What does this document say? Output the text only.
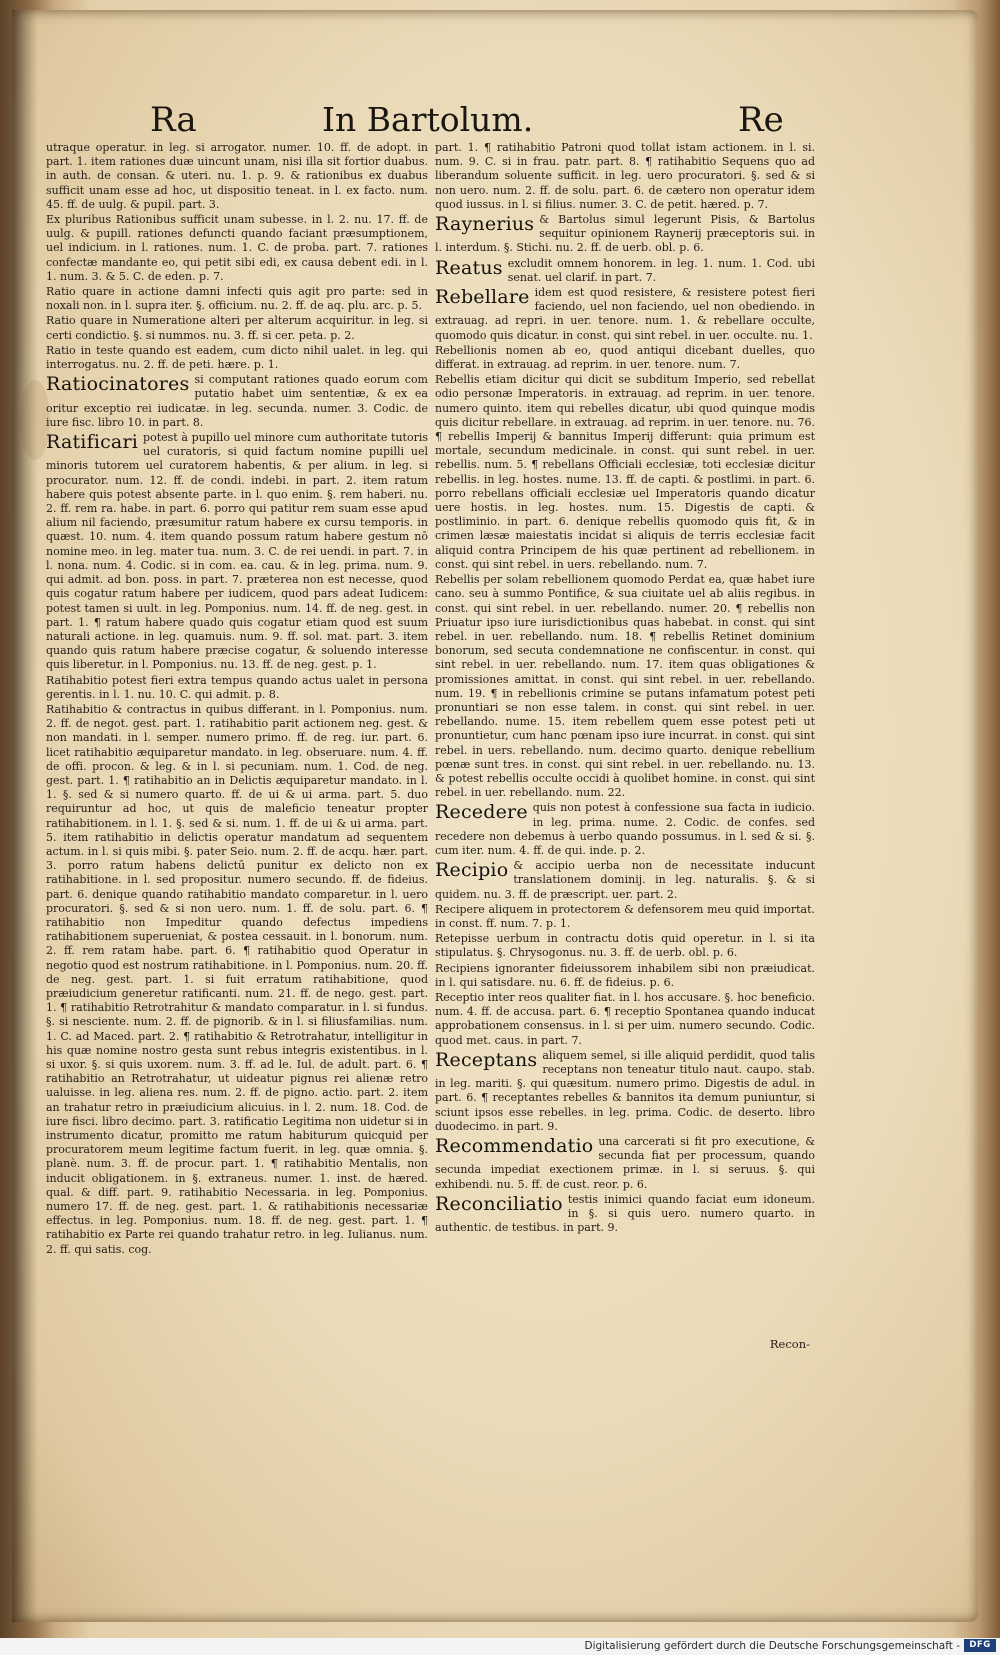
Ra	In Bartolum.	Re
utraque operatur. in leg. si arrogator. numer. 10. ff. de adopt. in part. 1. item rationes duæ uincunt unam, nisi illa sit fortior duabus. in auth. de consan. & uteri. nu. 1. p. 9. & rationibus ex duabus sufficit unam esse ad hoc, ut dispositio teneat. in l. ex facto. num. 45. ff. de uulg. & pupil. part. 3.
Ex pluribus Rationibus sufficit unam subesse. in l. 2. nu. 17. ff. de uulg. & pupill. rationes defuncti quando faciant præsumptionem, uel indicium. in l. rationes. num. 1. C. de proba. part. 7. rationes confectæ mandante eo, qui petit sibi edi, ex causa debent edi. in l. 1. num. 3. & 5. C. de eden. p. 7.
Ratio quare in actione damni infecti quis agit pro parte: sed in noxali non. in l. supra iter. §. officium. nu. 2. ff. de aq. plu. arc. p. 5.
Ratio quare in Numeratione alteri per alterum acquiritur. in leg. si certi condictio. §. si nummos. nu. 3. ff. si cer. peta. p. 2.
Ratio in teste quando est eadem, cum dicto nihil ualet. in leg. qui interrogatus. nu. 2. ff. de peti. hære. p. 1.
Ratiocinatores si computant rationes quado eorum com putatio habet uim sententiæ, & ex ea oritur exceptio rei iudicatæ. in leg. secunda. numer. 3. Codic. de iure fisc. libro 10. in part. 8.
Ratificari potest à pupillo uel minore cum authoritate tutoris uel curatoris, si quid factum nomine pupilli uel minoris tutorem uel curatorem habentis, & per alium. in leg. si procurator. num. 12. ff. de condi. indebi. in part. 2. item ratum habere quis potest absente parte. in l. quo enim. §. rem haberi. nu. 2. ff. rem ra. habe. in part. 6. porro qui patitur rem suam esse apud alium nil faciendo, præsumitur ratum habere ex cursu temporis. in quæst. 10. num. 4. item quando possum ratum habere gestum nō nomine meo. in leg. mater tua. num. 3. C. de rei uendi. in part. 7. in l. nona. num. 4. Codic. si in com. ea. cau. & in leg. prima. num. 9. qui admit. ad bon. poss. in part. 7. præterea non est necesse, quod quis cogatur ratum habere per iudicem, quod pars adeat Iudicem: potest tamen si uult. in leg. Pomponius. num. 14. ff. de neg. gest. in part. 1. ¶ ratum habere quado quis cogatur etiam quod est suum naturali actione. in leg. quamuis. num. 9. ff. sol. mat. part. 3. item quando quis ratum habere præcise cogatur, & soluendo interesse quis liberetur. in l. Pomponius. nu. 13. ff. de neg. gest. p. 1.
Ratihabitio potest fieri extra tempus quando actus ualet in persona gerentis. in l. 1. nu. 10. C. qui admit. p. 8.
Ratihabitio & contractus in quibus differant. in l. Pomponius. num. 2. ff. de negot. gest. part. 1. ratihabitio parit actionem neg. gest. & non mandati. in l. semper. numero primo. ff. de reg. iur. part. 6. licet ratihabitio æquiparetur mandato. in leg. obseruare. num. 4. ff. de offi. procon. & leg. & in l. si pecuniam. num. 1. Cod. de neg. gest. part. 1. ¶ ratihabitio an in Delictis æquiparetur mandato. in l. 1. §. sed & si numero quarto. ff. de ui & ui arma. part. 5. duo requiruntur ad hoc, ut quis de maleficio teneatur propter ratihabitionem. in l. 1. §. sed & si. num. 1. ff. de ui & ui arma. part. 5. item ratihabitio in delictis operatur mandatum ad sequentem actum. in l. si quis mibi. §. pater Seio. num. 2. ff. de acqu. hær. part. 3. porro ratum habens delictū punitur ex delicto non ex ratihabitione. in l. sed propositur. numero secundo. ff. de fideius. part. 6. denique quando ratihabitio mandato comparetur. in l. uero procuratori. §. sed & si non uero. num. 1. ff. de solu. part. 6. ¶ ratihabitio non Impeditur quando defectus impediens ratihabitionem superueniat, & postea cessauit. in l. bonorum. num. 2. ff. rem ratam habe. part. 6. ¶ ratihabitio quod Operatur in negotio quod est nostrum ratihabitione. in l. Pomponius. num. 20. ff. de neg. gest. part. 1. si fuit erratum ratihabitione, quod præiudicium generetur ratificanti. num. 21. ff. de nego. gest. part. 1. ¶ ratihabitio Retrotrahitur & mandato comparatur. in l. si fundus. §. si nesciente. num. 2. ff. de pignorib. & in l. si filiusfamilias. num. 1. C. ad Maced. part. 2. ¶ ratihabitio & Retrotrahatur, intelligitur in his quæ nomine nostro gesta sunt rebus integris existentibus. in l. si uxor. §. si quis uxorem. num. 3. ff. ad le. Iul. de adult. part. 6. ¶ ratihabitio an Retrotrahatur, ut uideatur pignus rei alienæ retro ualuisse. in leg. aliena res. num. 2. ff. de pigno. actio. part. 2. item an trahatur retro in præiudicium alicuius. in l. 2. num. 18. Cod. de iure fisci. libro decimo. part. 3. ratificatio Legitima non uidetur si in instrumento dicatur, promitto me ratum habiturum quicquid per procuratorem meum legitime factum fuerit. in leg. quæ omnia. §. planè. num. 3. ff. de procur. part. 1. ¶ ratihabitio Mentalis, non inducit obligationem. in §. extraneus. numer. 1. inst. de hæred. qual. & diff. part. 9. ratihabitio Necessaria. in leg. Pomponius. numero 17. ff. de neg. gest. part. 1. & ratihabitionis necessariæ effectus. in leg. Pomponius. num. 18. ff. de neg. gest. part. 1. ¶ ratihabitio ex Parte rei quando trahatur retro. in leg. Iulianus. num. 2. ff. qui satis. cog.
part. 1. ¶ ratihabitio Patroni quod tollat istam actionem. in l. si. num. 9. C. si in frau. patr. part. 8. ¶ ratihabitio Sequens quo ad liberandum soluente sufficit. in leg. uero procuratori. §. sed & si non uero. num. 2. ff. de solu. part. 6. de cætero non operatur idem quod iussus. in l. si filius. numer. 3. C. de petit. hæred. p. 7.
Raynerius & Bartolus simul legerunt Pisis, & Bartolus sequitur opinionem Raynerij præceptoris sui. in l. interdum. §. Stichi. nu. 2. ff. de uerb. obl. p. 6.
Reatus excludit omnem honorem. in leg. 1. num. 1. Cod. ubi senat. uel clarif. in part. 7.
Rebellare idem est quod resistere, & resistere potest fieri faciendo, uel non faciendo, uel non obediendo. in extrauag. ad repri. in uer. tenore. num. 1. & rebellare occulte, quomodo quis dicatur. in const. qui sint rebel. in uer. occulte. nu. 1.
Rebellionis nomen ab eo, quod antiqui dicebant duelles, quo differat. in extrauag. ad reprim. in uer. tenore. num. 7.
Rebellis etiam dicitur qui dicit se subditum Imperio, sed rebellat odio personæ Imperatoris. in extrauag. ad reprim. in uer. tenore. numero quinto. item qui rebelles dicatur, ubi quod quinque modis quis dicitur rebellare. in extrauag. ad reprim. in uer. tenore. nu. 76. ¶ rebellis Imperij & bannitus Imperij differunt: quia primum est mortale, secundum medicinale. in const. qui sunt rebel. in uer. rebellis. num. 5. ¶ rebellans Officiali ecclesiæ, toti ecclesiæ dicitur rebellis. in leg. hostes. nume. 13. ff. de capti. & postlimi. in part. 6. porro rebellans officiali ecclesiæ uel Imperatoris quando dicatur uere hostis. in leg. hostes. num. 15. Digestis de capti. & postliminio. in part. 6. denique rebellis quomodo quis fit, & in crimen læsæ maiestatis incidat si aliquis de terris ecclesiæ facit aliquid contra Principem de his quæ pertinent ad rebellionem. in const. qui sint rebel. in uers. rebellando. num. 7.
Rebellis per solam rebellionem quomodo Perdat ea, quæ habet iure cano. seu à summo Pontifice, & sua ciuitate uel ab aliis regibus. in const. qui sint rebel. in uer. rebellando. numer. 20. ¶ rebellis non Priuatur ipso iure iurisdictionibus quas habebat. in const. qui sint rebel. in uer. rebellando. num. 18. ¶ rebellis Retinet dominium bonorum, sed secuta condemnatione ne confiscentur. in const. qui sint rebel. in uer. rebellando. num. 17. item quas obligationes & promissiones amittat. in const. qui sint rebel. in uer. rebellando. num. 19. ¶ in rebellionis crimine se putans infamatum potest peti pronuntiari se non esse talem. in const. qui sint rebel. in uer. rebellando. nume. 15. item rebellem quem esse potest peti ut pronuntietur, cum hanc pœnam ipso iure incurrat. in const. qui sint rebel. in uers. rebellando. num. decimo quarto. denique rebellium pœnæ sunt tres. in const. qui sint rebel. in uer. rebellando. nu. 13. & potest rebellis occulte occidi à quolibet homine. in const. qui sint rebel. in uer. rebellando. num. 22.
Recedere quis non potest à confessione sua facta in iudicio. in leg. prima. nume. 2. Codic. de confes. sed recedere non debemus à uerbo quando possumus. in l. sed & si. §. cum iter. num. 4. ff. de qui. inde. p. 2.
Recipio & accipio uerba non de necessitate inducunt translationem dominij. in leg. naturalis. §. & si quidem. nu. 3. ff. de præscript. uer. part. 2.
Recipere aliquem in protectorem & defensorem meu quid importat. in const. ff. num. 7. p. 1.
Retepisse uerbum in contractu dotis quid operetur. in l. si ita stipulatus. §. Chrysogonus. nu. 3. ff. de uerb. obl. p. 6.
Recipiens ignoranter fideiussorem inhabilem sibi non præiudicat. in l. qui satisdare. nu. 6. ff. de fideius. p. 6.
Receptio inter reos qualiter fiat. in l. hos accusare. §. hoc beneficio. num. 4. ff. de accusa. part. 6. ¶ receptio Spontanea quando inducat approbationem consensus. in l. si per uim. numero secundo. Codic. quod met. caus. in part. 7.
Receptans aliquem semel, si ille aliquid perdidit, quod talis receptans non teneatur titulo naut. caupo. stab. in leg. mariti. §. qui quæsitum. numero primo. Digestis de adul. in part. 6. ¶ receptantes rebelles & bannitos ita demum puniuntur, si sciunt ipsos esse rebelles. in leg. prima. Codic. de deserto. libro duodecimo. in part. 9.
Recommendatio una carcerati si fit pro executione, & secunda fiat per processum, quando secunda impediat exectionem primæ. in l. si seruus. §. qui exhibendi. nu. 5. ff. de cust. reor. p. 6.
Reconciliatio testis inimici quando faciat eum idoneum. in §. si quis uero. numero quarto. in authentic. de testibus. in part. 9.
Recon-
Digitalisierung gefördert durch die Deutsche Forschungsgemeinschaft -	DFG
